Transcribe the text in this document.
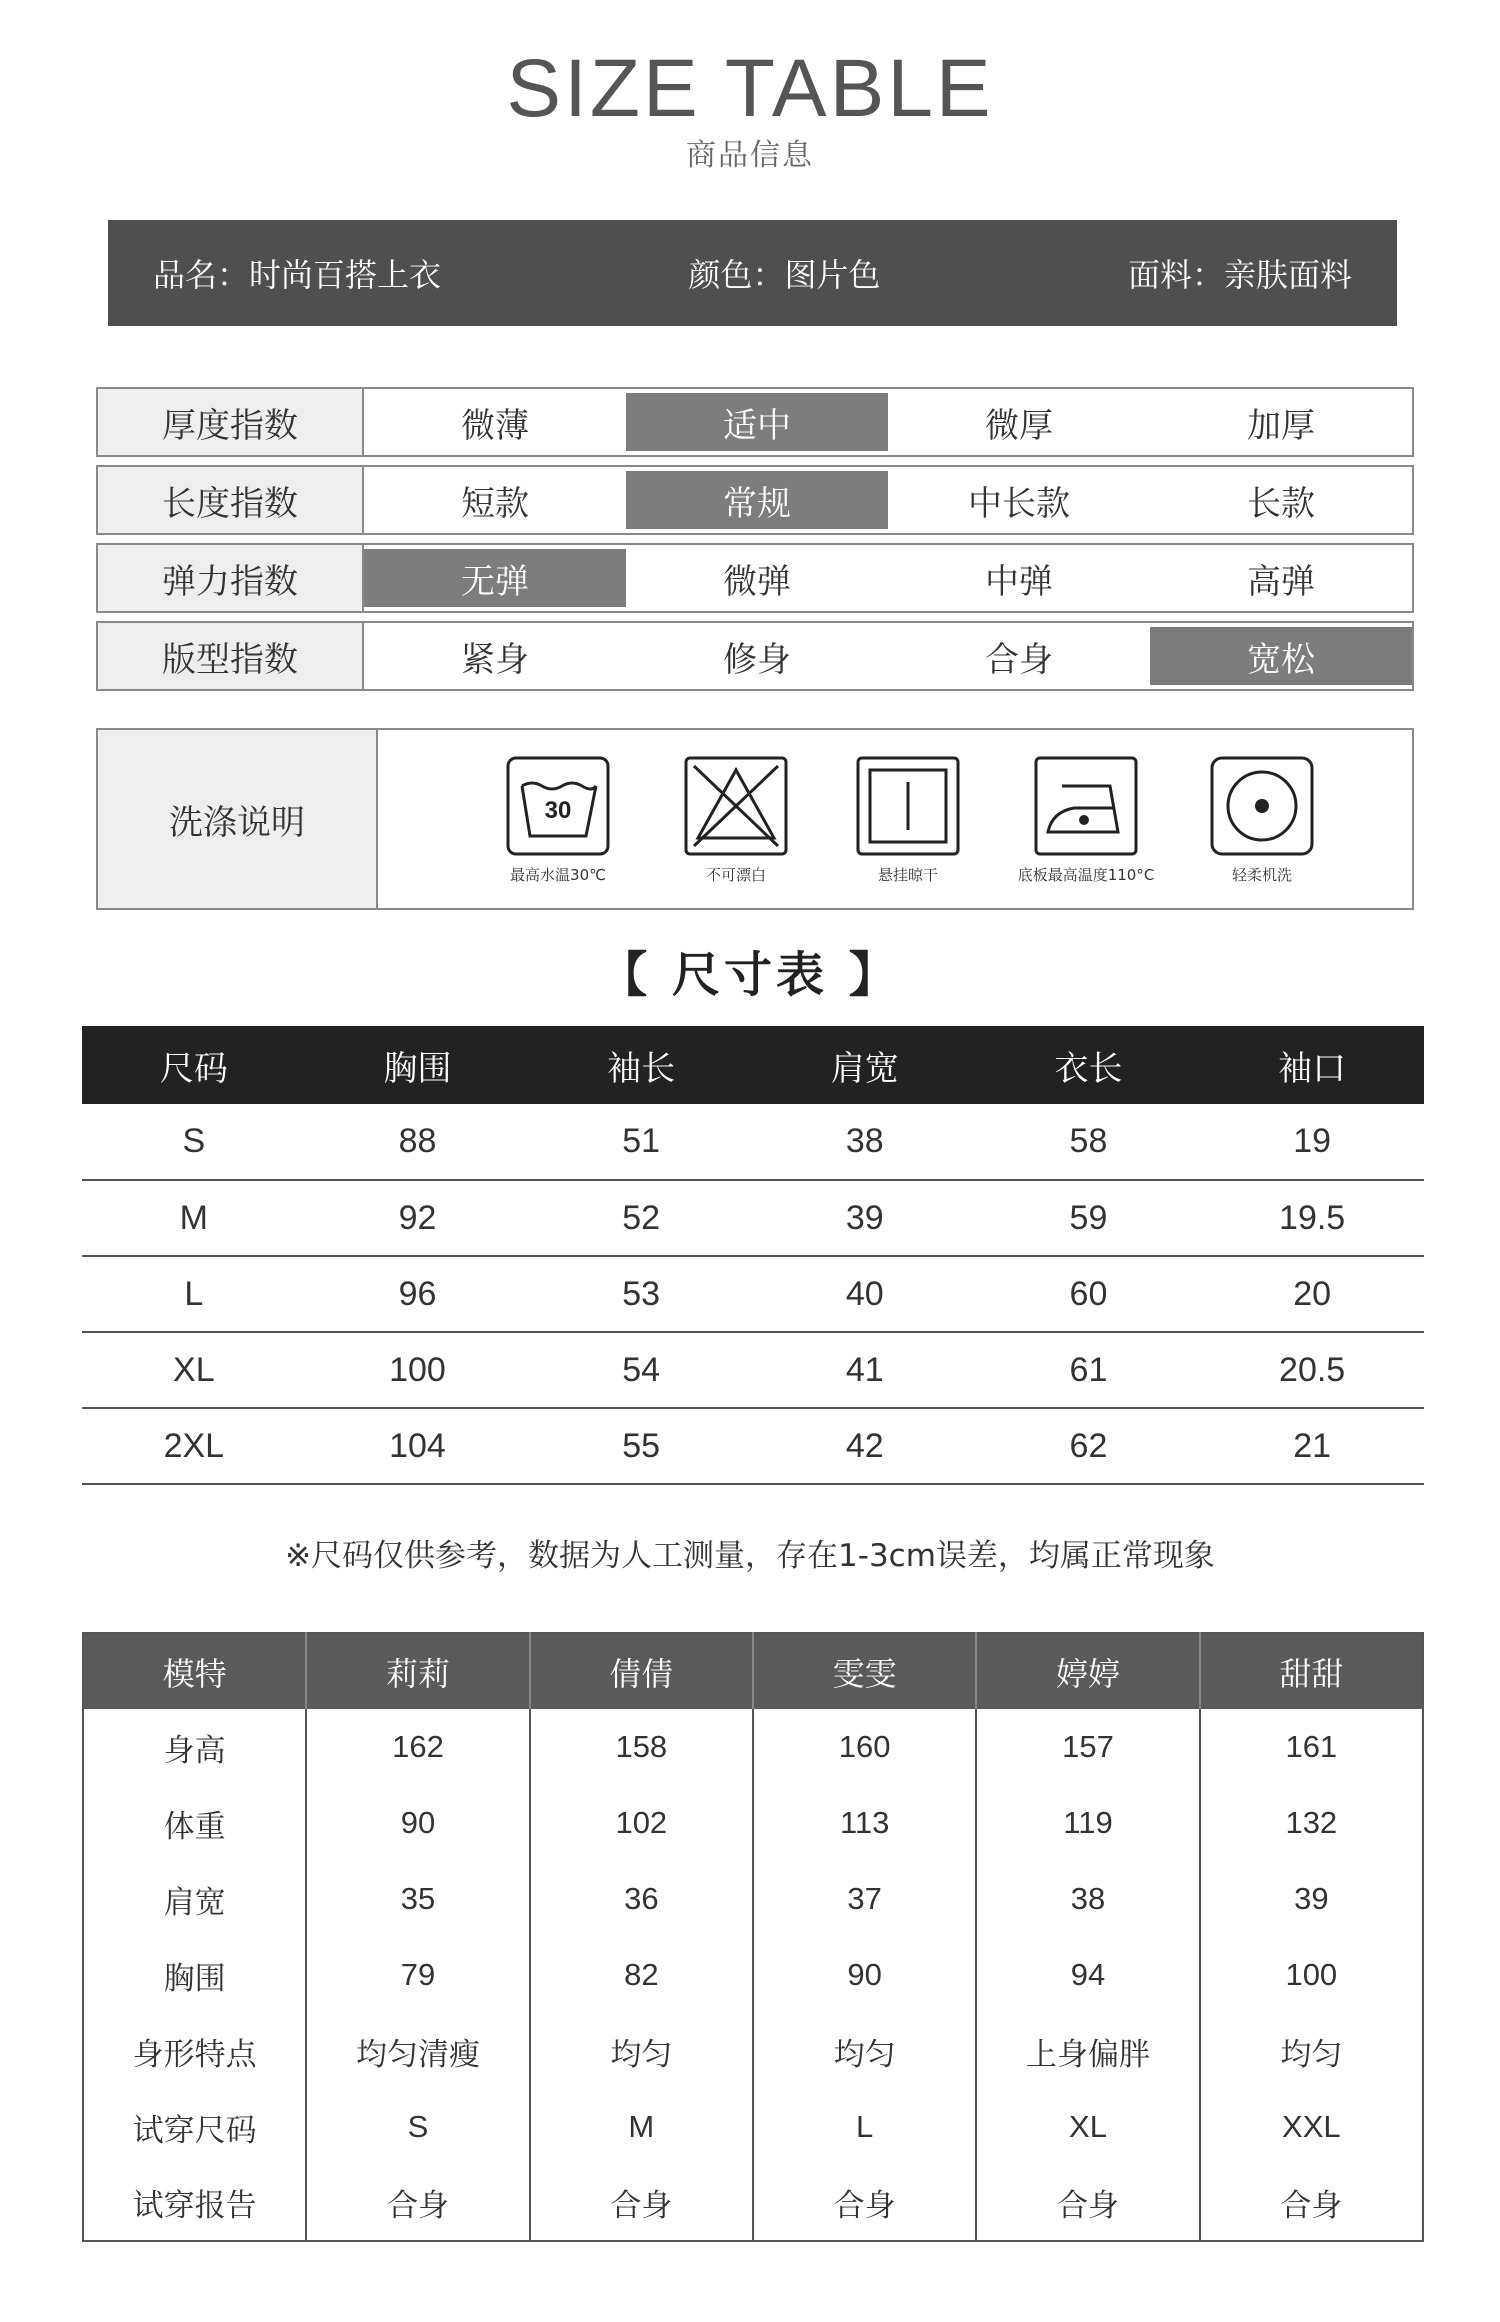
SIZE TABLE
商品信息
品名：时尚百搭上衣	颜色：图片色	面料：亲肤面料
厚度指数	微薄	适中	微厚	加厚
长度指数	短款	常规	中长款	长款
弹力指数	无弹	微弹	中弹	高弹
版型指数	紧身	修身	合身	宽松
洗涤说明	30
最高水温30℃	不可漂白	悬挂晾干	底板最高温度110°C	轻柔机洗
【 尺寸表 】
尺码	胸围	袖长	肩宽	衣长	袖口
S	88	51	38	58	19
M	92	52	39	59	19.5
L	96	53	40	60	20
XL	100	54	41	61	20.5
2XL	104	55	42	62	21
※尺码仅供参考，数据为人工测量，存在1-3cm误差，均属正常现象
模特	莉莉	倩倩	雯雯	婷婷	甜甜
身高	162	158	160	157	161
体重	90	102	113	119	132
肩宽	35	36	37	38	39
胸围	79	82	90	94	100
身形特点	均匀清瘦	均匀	均匀	上身偏胖	均匀
试穿尺码	S	M	L	XL	XXL
试穿报告	合身	合身	合身	合身	合身
